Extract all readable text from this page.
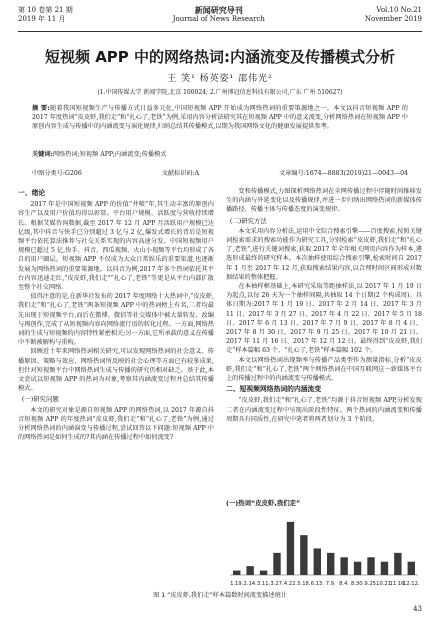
第 10 卷第 21 期
2019 年 11 月
新闻研究导刊
Journal of News Research
Vol.10 No.21
November 2019
短视频 APP 中的网络热词:内涵流变及传播模式分析
王 笑¹ 杨英姿¹ 邵伟光²
(1.中国传媒大学 新闻学院,北京 100024; 2.广州博冠信息科技有限公司,广东 广州 510627)
摘 要:随着我国短视频生产与传播方式日益多元化,中国短视频 APP 开始成为网络热词的重要策源地之一。本文以抖音短视频 APP 的 2017 年度热词“皮皮虾,我们走”和“扎心了,老铁”为例,采用内容分析法研究其在短视频 APP 中的意义流变,分析网络热词在短视频 APP 中原创内容生成与传播中的内涵流变与演化规律,归纳总结其传播模式,以期为我国网络文化的健康发展提供参考。
关键词:网络热词;短视频 APP;内涵流变;传播模式
中图分类号:G206	文献标识码:A	文章编号:1674—8883(2019)21—0043—04
一、绪论

2017 年是中国短视频 APP 的价值“井喷”年,其生动丰富的原创内容生产以及用户价值均得以彰显。平台用户规模、活跃度与营收持续增长。根据艾媒咨询数据,截至 2017 年 12 月 APP 月活跃用户规模已达亿级,其中抖音与快手已分别超过 3 亿与 2 亿,爆发式增长的背后是短视频平台依托算法推荐与社交关系实现的内容高速分发。中国短视频用户规模已超过 5 亿,快手、抖音、西瓜视频、火山小视频等平台均形成了各自的用户圈层。短视频 APP 不仅成为大众日常娱乐的重要渠道,也逐渐发展为网络热词的重要策源地。以抖音为例,2017 年多个热词依托其平台内容迅速走红,“皮皮虾,我们走”“扎心了,老铁”等更是从平台内部扩散至整个社交网络。

值得注意的是,在新华社发布的 2017 年度网络十大热词中,“皮皮虾,我们走”和“扎心了,老铁”两条短视频 APP 中的热词榜上有名,二者均最先出现于短视频平台,而后在微博、微信等社交媒体中被大量转发、改编与再创作,完成了从短视频内容向网络流行语的转化过程。一方面,网络热词的生成与短视频的内容特性紧密相关;另一方面,它所承载的意义在传播中不断被解构与重构。

回顾近十年来网络热词相关研究,可以发现网络热词的社会意义、传播原因、策略与效应、网络热词所反映的社会心理等方面已有较多成果,但针对短视频平台中网络热词生成与传播的研究仍相对缺乏。基于此,本文尝试以短视频 APP 的热词为对象,考察其内涵流变过程并总结其传播模式。

(一)研究问题

本文的研究对象是源自短视频 APP 的网络热词,以 2017 年源自抖音短视频 APP 的年度热词“皮皮虾,我们走”和“扎心了,老铁”为例,通过分析网络热词的内涵演变与传播过程,尝试回答以下问题:短视频 APP 中的网络热词是如何生成的?其内涵在传播过程中如何流变?

变和传播模式,力图探析网络热词在全网传播过程中伴随时间推移发生的内涵与外延变化以及传播规律,并进一步归纳出网络热词的新媒体传播路径、传播主体与传播态度的演变规律。

(二)研究方法

本文采用内容分析法,运用中文综合搜索引擎——百度搜索,按照关键词检索需求的搜索功能作为研究工具,分别检索“皮皮虾,我们走”和“扎心了,老铁”,进行关键词搜索,获取 2017 年全年相关网页内容作为样本,遴选形成最终的研究样本。本次抽样使用综合搜索引擎,检索时间自 2017 年 1 月至 2017 年 12 月,获取搜索结果内容,以合理时间区间形成对数据结果的整体把握。

在本抽样框基础上,本研究采取等距抽样法,以 2017 年 1 月 19 日为起点,以每 26 天为一个抽样间隔,共抽取 14 个日期(2 个构成周)。具体日期为:2017 年 1 月 19 日、2017 年 2 月 14 日、2017 年 3 月 11 日、2017 年 3 月 27 日、2017 年 4 月 22 日、2017 年 5 月 18 日、2017 年 6 月 13 日、2017 年 7 月 9 日、2017 年 8 月 4 日、2017 年 8 月 30 日、2017 年 9 月 25 日、2017 年 10 月 21 日、2017 年 11 月 16 日、2017 年 12 月 12 日。最终得到“皮皮虾,我们走”样本篇幅 63 个、“扎心了,老铁”样本篇幅 102 个。

本文以网络热词出现频率与传播产品类型作为测量指标,分析“皮皮虾,我们走”和“扎心了,老铁”两个网络热词在中国互联网这一新媒体平台上的传播过程中的内涵流变与传播模式。

二、短视频网络热词的内涵流变

“皮皮虾,我们走”和“扎心了,老铁”均源于抖音短视频 APP,分析发现二者在内涵流变过程中呈现出阶段性特征。两个热词的内涵流变和传播周期具有同质性,在研究中笔者将两者划分为 3 个阶段。

(一)热词“皮皮虾,我们走”
1.19. 2.14. 3.11. 3.27. 4.22. 5.18. 6.13. 7.9. 8.4. 8.30. 9.25.
10.21.
11.16.
12.12.
图 1 “皮皮虾,我们走”样本篇数时间流变描述统计
43
